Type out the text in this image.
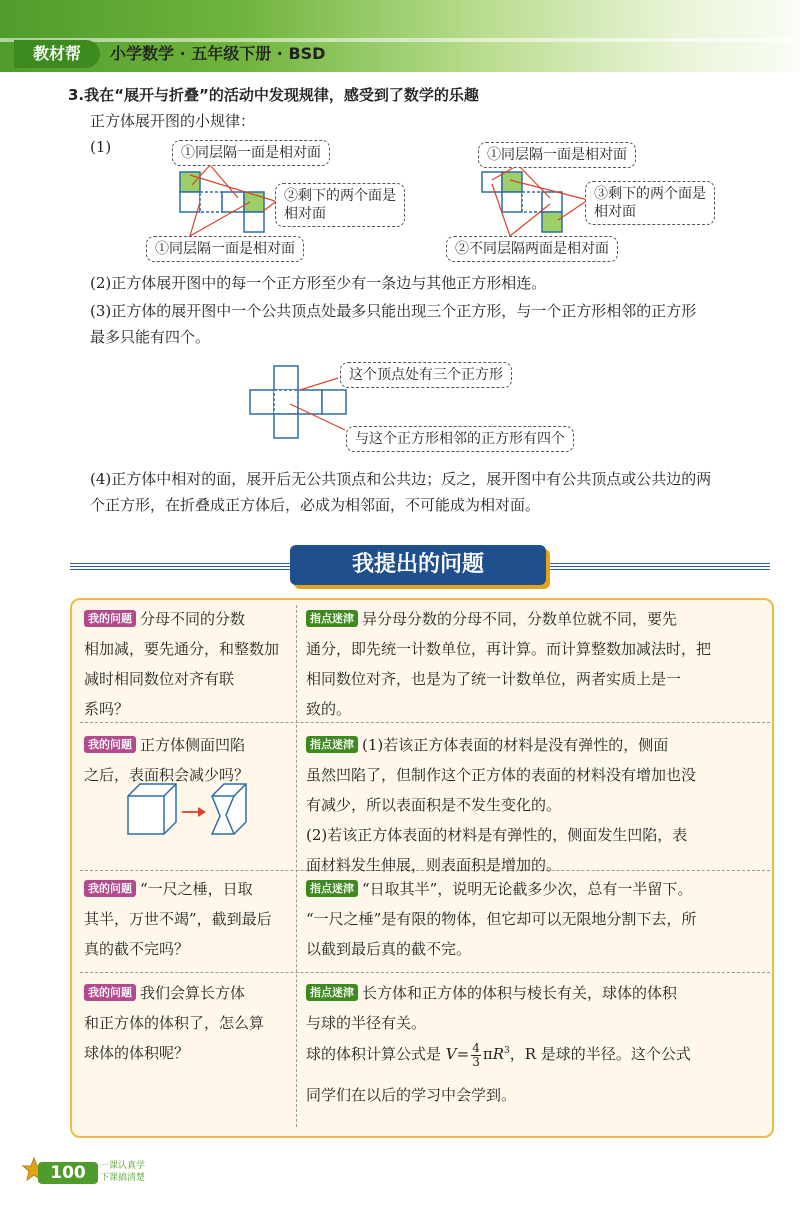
教材帮	小学数学 · 五年级下册 · BSD
3.我在“展开与折叠”的活动中发现规律，感受到了数学的乐趣
正方体展开图的小规律：
(1)	①同层隔一面是相对面
②剩下的两个面是相对面
①同层隔一面是相对面
①同层隔一面是相对面
③剩下的两个面是相对面
②不同层隔两面是相对面
(2)正方体展开图中的每一个正方形至少有一条边与其他正方形相连。
(3)正方体的展开图中一个公共顶点处最多只能出现三个正方形，与一个正方形相邻的正方形
最多只能有四个。
这个顶点处有三个正方形
与这个正方形相邻的正方形有四个
(4)正方体中相对的面，展开后无公共顶点和公共边；反之，展开图中有公共顶点或公共边的两
个正方形，在折叠成正方体后，必成为相邻面，不可能成为相对面。
我提出的问题
我的问题 分母不同的分数
相加减，要先通分，和整数加
减时相同数位对齐有联
系吗？
指点迷津 异分母分数的分母不同，分数单位就不同，要先
通分，即先统一计数单位，再计算。而计算整数加减法时，把
相同数位对齐，也是为了统一计数单位，两者实质上是一
致的。
我的问题 正方体侧面凹陷
之后，表面积会减少吗？
指点迷津 (1)若该正方体表面的材料是没有弹性的，侧面
虽然凹陷了，但制作这个正方体的表面的材料没有增加也没
有减少，所以表面积是不发生变化的。
(2)若该正方体表面的材料是有弹性的，侧面发生凹陷，表
面材料发生伸展，则表面积是增加的。
我的问题 “一尺之棰，日取
其半，万世不竭”，截到最后
真的截不完吗？
指点迷津 “日取其半”，说明无论截多少次，总有一半留下。
“一尺之棰”是有限的物体，但它却可以无限地分割下去，所
以截到最后真的截不完。
我的问题 我们会算长方体
和正方体的体积了，怎么算
球体的体积呢？
指点迷津 长方体和正方体的体积与棱长有关，球体的体积
与球的半径有关。
球的体积计算公式是 $V= \frac{4}{3} \pi R^3$，R 是球的半径。这个公式
同学们在以后的学习中会学到。
100	一课认真学
下课搞清楚
